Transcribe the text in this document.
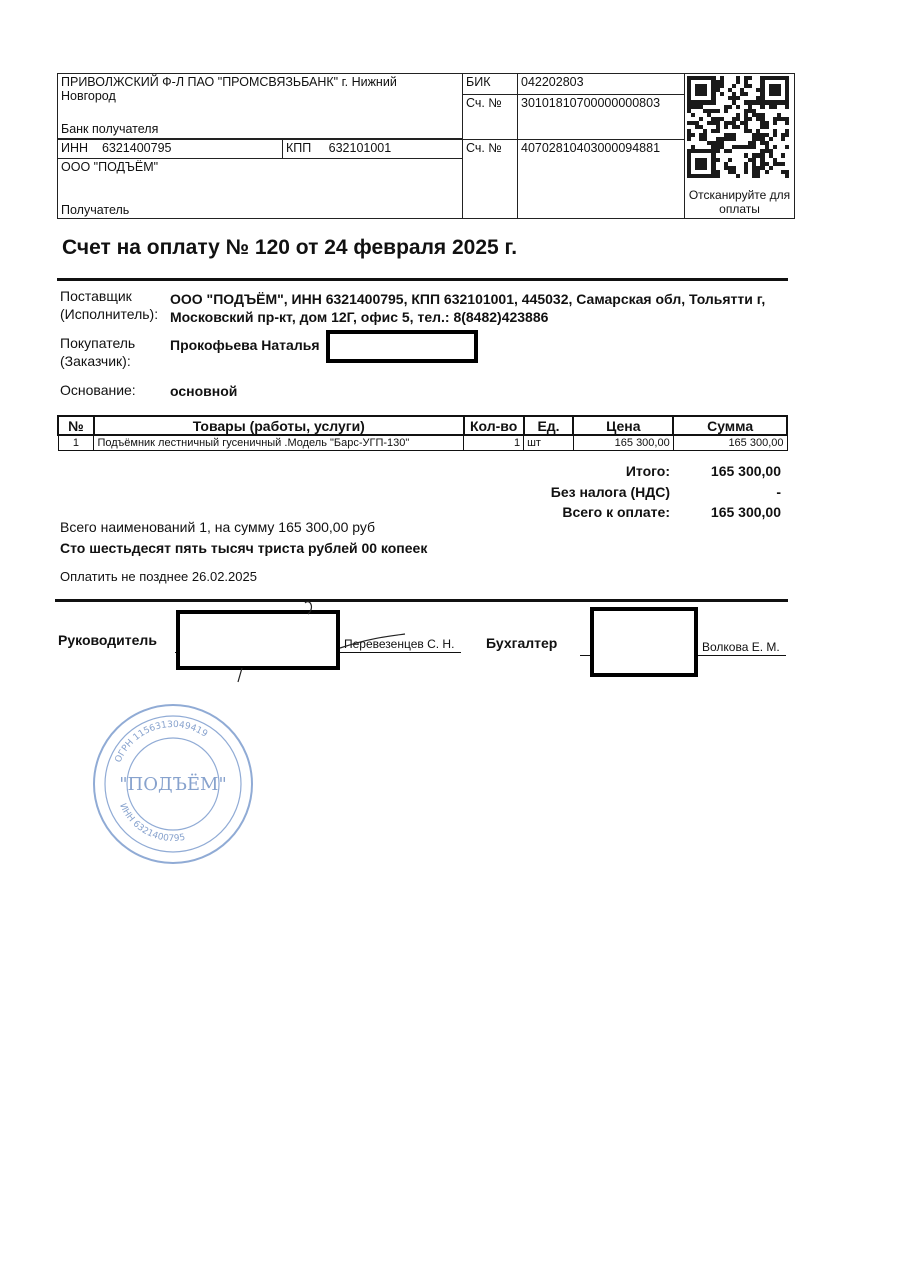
ПРИВОЛЖСКИЙ Ф-Л ПАО "ПРОМСВЯЗЬБАНК" г. Нижний Новгород
Банк получателя
БИК	042202803
Сч. №	30101810700000000803
ИНН 6321400795	КПП 632101001	Сч. №	40702810403000094881
ООО "ПОДЪЁМ"
Получатель
Отсканируйте для оплаты
Счет на оплату № 120 от 24 февраля 2025 г.
Поставщик (Исполнитель):
ООО "ПОДЪЁМ", ИНН 6321400795, КПП 632101001, 445032, Самарская обл, Тольятти г, Московский пр-кт, дом 12Г, офис 5, тел.: 8(8482)423886
Покупатель (Заказчик):
Прокофьева Наталья
Основание: основной
№	Товары (работы, услуги)	Кол-во	Ед.	Цена	Сумма
1	Подъёмник лестничный гусеничный .Модель "Барс-УГП-130"	1	шт	165 300,00	165 300,00
Итого:	165 300,00
Без налога (НДС)	-
Всего к оплате:	165 300,00
Всего наименований 1, на сумму 165 300,00 руб
Сто шестьдесят пять тысяч триста рублей 00 копеек
Оплатить не позднее 26.02.2025
Руководитель	Перевезенцев С. Н. Бухгалтер	Волкова Е. М.
ОГРН 1156313049419
ИНН 6321400795
"ПОДЪЁМ"
